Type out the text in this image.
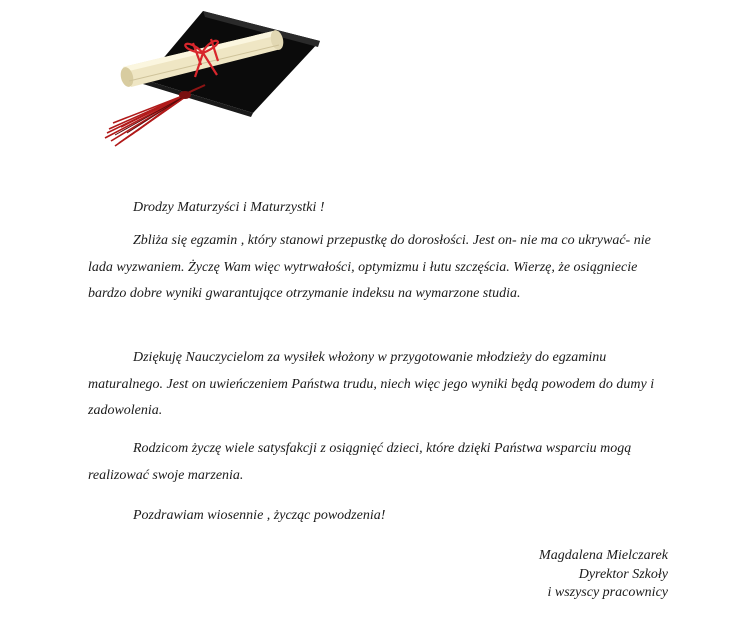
Drodzy Maturzyści i Maturzystki !

Zbliża się egzamin , który stanowi przepustkę do dorosłości. Jest on- nie ma co ukrywać- nie lada wyzwaniem. Życzę Wam więc wytrwałości, optymizmu i łutu szczęścia. Wierzę, że osiągniecie bardzo dobre wyniki gwarantujące otrzymanie indeksu na wymarzone studia.

Dziękuję Nauczycielom za wysiłek włożony w przygotowanie młodzieży do egzaminu maturalnego. Jest on uwieńczeniem Państwa trudu, niech więc jego wyniki będą powodem do dumy i zadowolenia.

Rodzicom życzę wiele satysfakcji z osiągnięć dzieci, które dzięki Państwa wsparciu mogą realizować swoje marzenia.

Pozdrawiam wiosennie , życząc powodzenia!

Magdalena Mielczarek
Dyrektor Szkoły
i wszyscy pracownicy
